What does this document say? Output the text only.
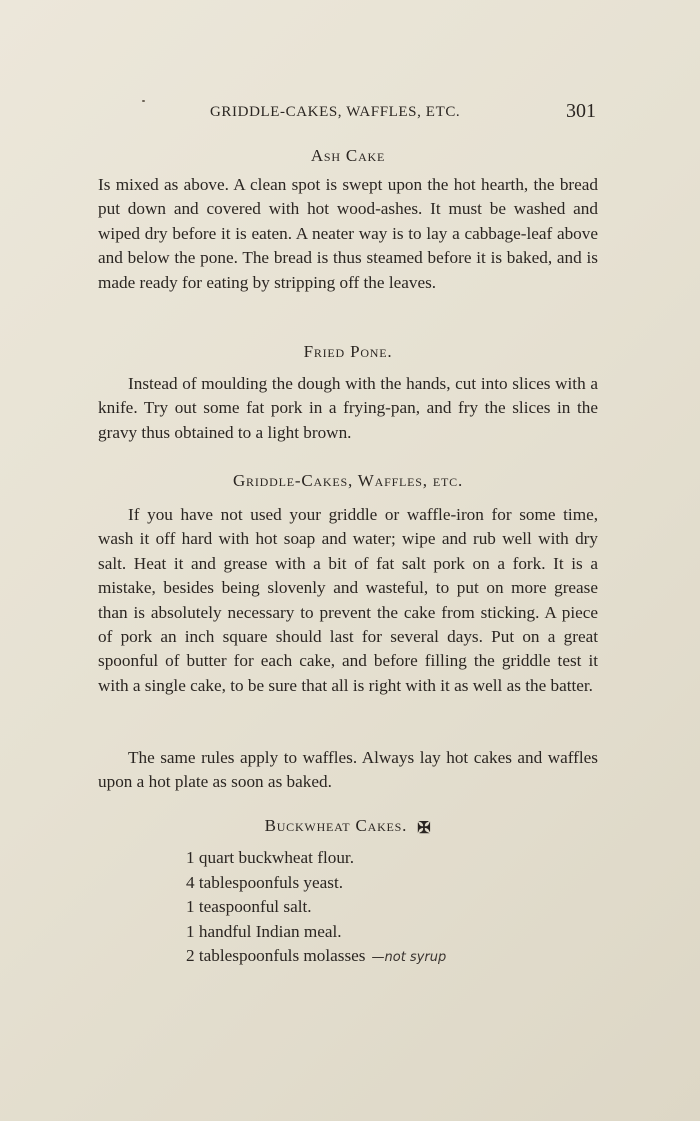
GRIDDLE-CAKES, WAFFLES, ETC.	301
Ash Cake

Is mixed as above. A clean spot is swept upon the hot hearth, the bread put down and covered with hot wood-ashes. It must be washed and wiped dry before it is eaten. A neater way is to lay a cabbage-leaf above and below the pone. The bread is thus steamed before it is baked, and is made ready for eating by stripping off the leaves.

Fried Pone.

Instead of moulding the dough with the hands, cut into slices with a knife. Try out some fat pork in a frying-pan, and fry the slices in the gravy thus obtained to a light brown.

Griddle-Cakes, Waffles, etc.

If you have not used your griddle or waffle-iron for some time, wash it off hard with hot soap and water; wipe and rub well with dry salt. Heat it and grease with a bit of fat salt pork on a fork. It is a mistake, besides being slovenly and wasteful, to put on more grease than is absolutely necessary to prevent the cake from sticking. A piece of pork an inch square should last for several days. Put on a great spoonful of butter for each cake, and before filling the griddle test it with a single cake, to be sure that all is right with it as well as the batter.

The same rules apply to waffles. Always lay hot cakes and waffles upon a hot plate as soon as baked.

Buckwheat Cakes. ✠
1 quart buckwheat flour.
4 tablespoonfuls yeast.
1 teaspoonful salt.
1 handful Indian meal.
2 tablespoonfuls molasses —not syrup
